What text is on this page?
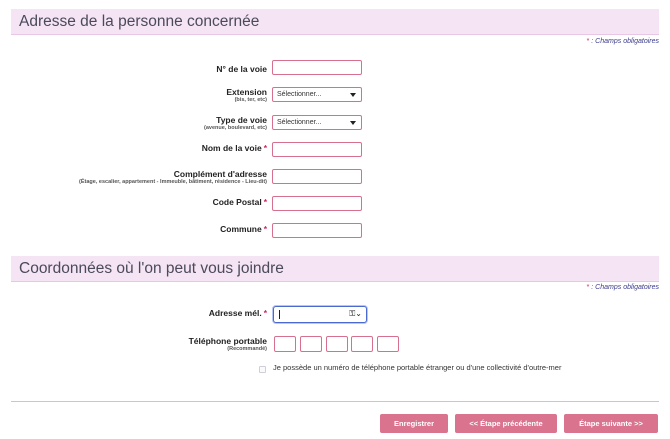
Adresse de la personne concernée
* : Champs obligatoires
N° de la voie
Extension
(bis, ter, etc)
Sélectionner...
Type de voie
(avenue, boulevard, etc)
Sélectionner...
Nom de la voie *
Complément d'adresse
(Étage, escalier, appartement - Immeuble, bâtiment, résidence - Lieu-dit)
Code Postal *
Commune *
Coordonnées où l'on peut vous joindre
* : Champs obligatoires
Adresse mél. *	⚿⌄
Téléphone portable
(Recommandé)
Je possède un numéro de téléphone portable étranger ou d'une collectivité d'outre-mer
Enregistrer	<< Étape précédente	Étape suivante >>
